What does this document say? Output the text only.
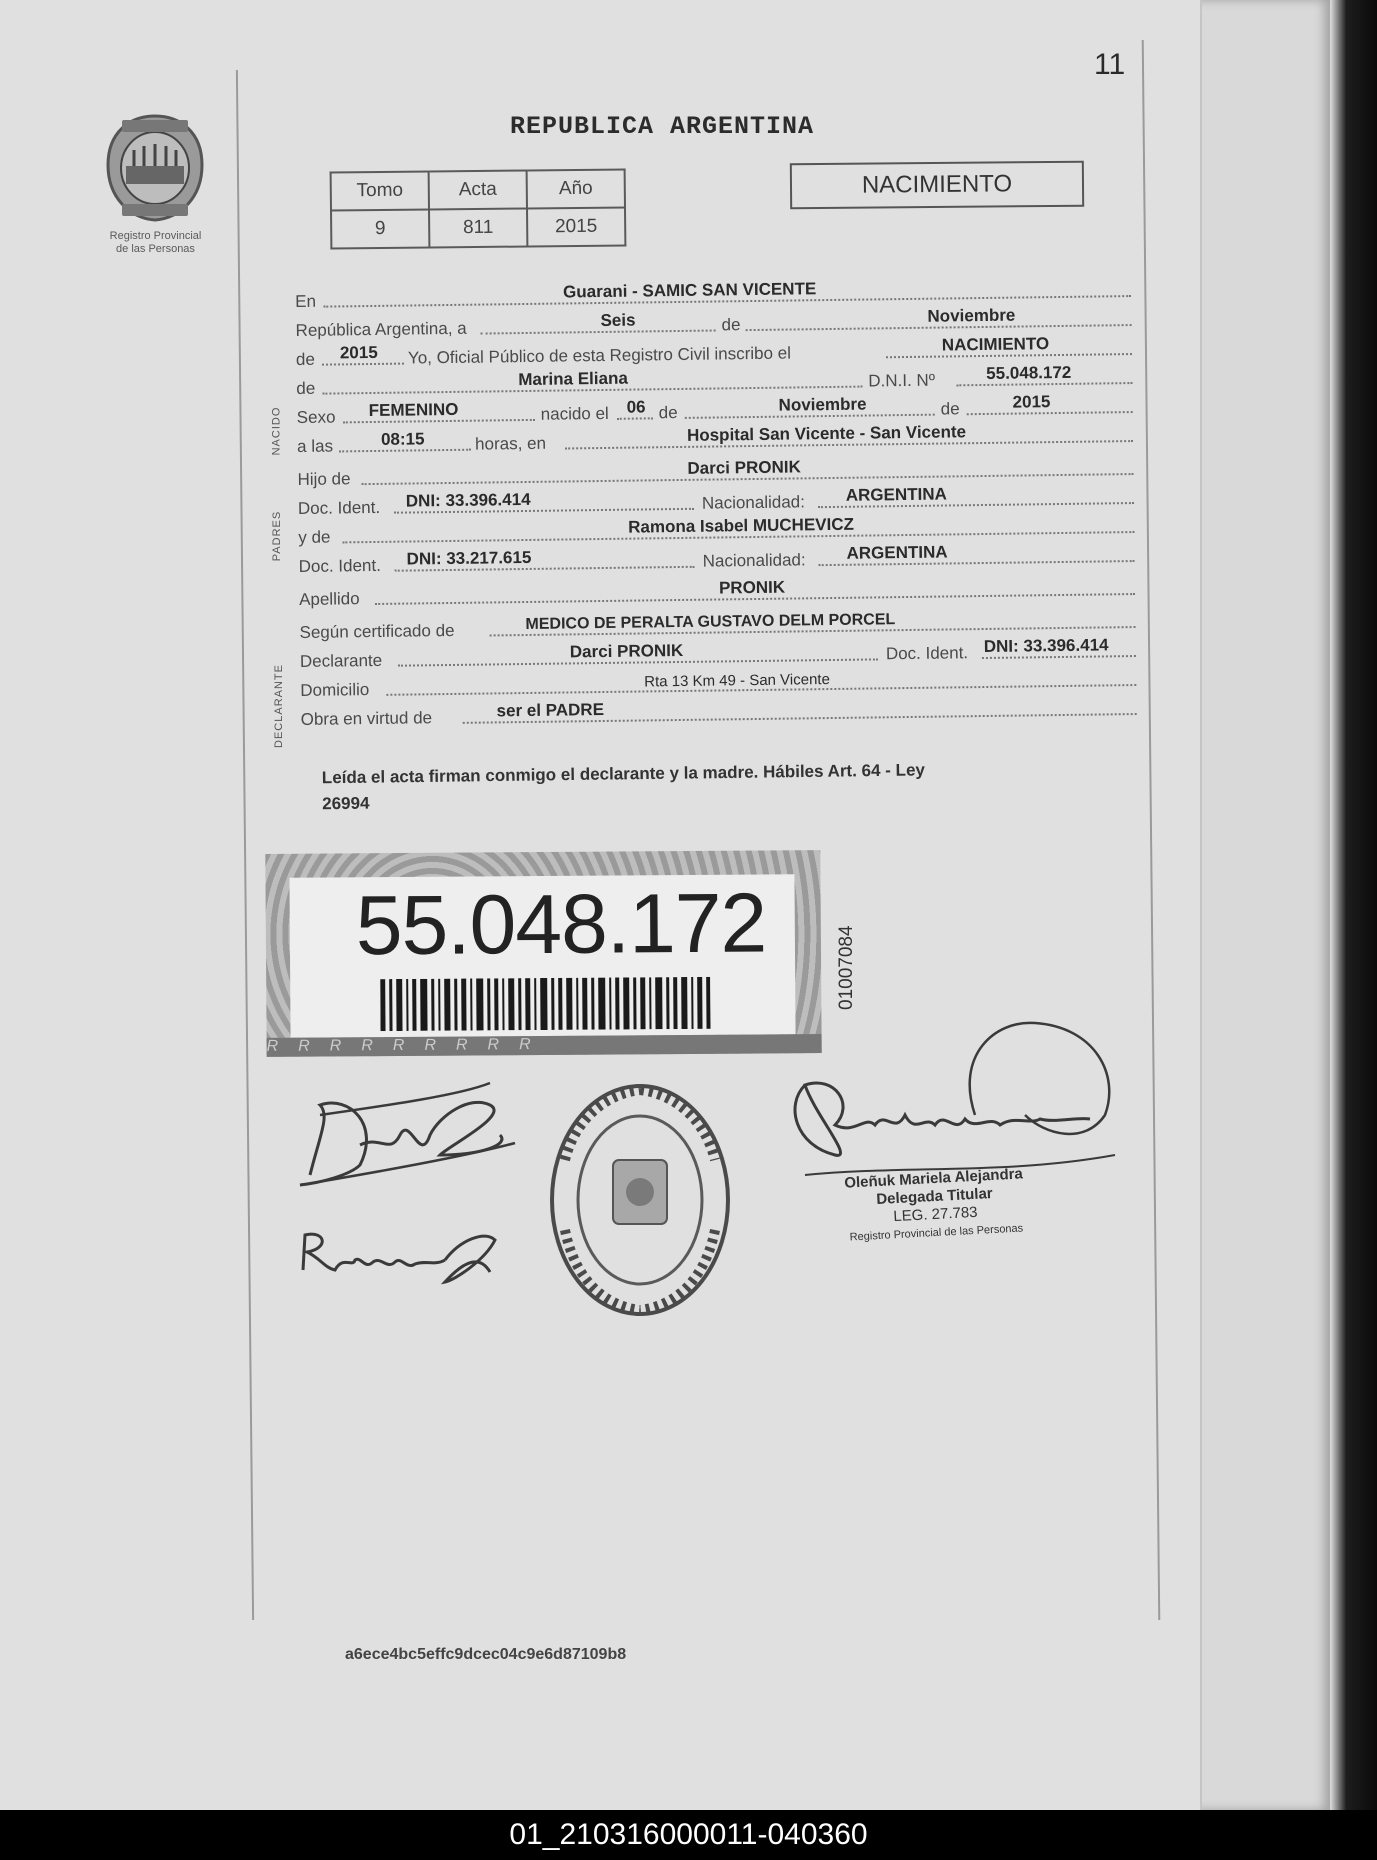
11
Registro Provincial
de las Personas
REPUBLICA ARGENTINA
Tomo	Acta	Año
9	811	2015
NACIMIENTO
NACIDO
PADRES
DECLARANTE
En	Guarani - SAMIC SAN VICENTE
República Argentina, a	Seis	de	Noviembre
de 2015 Yo, Oficial Público de esta Registro Civil inscribo el	NACIMIENTO
de	Marina Eliana	D.N.I. Nº	55.048.172
Sexo FEMENINO	nacido el 06 de	Noviembre	de	2015
a las	08:15	horas, en	Hospital San Vicente - San Vicente
Hijo de
Darci PRONIK
Doc. Ident. DNI: 33.396.414	Nacionalidad: ARGENTINA
y de
Ramona Isabel MUCHEVICZ
Doc. Ident. DNI: 33.217.615	Nacionalidad: ARGENTINA
Apellido
PRONIK
Según certificado de	MEDICO DE PERALTA GUSTAVO DELM PORCEL
Declarante	Darci PRONIK	Doc. Ident. DNI: 33.396.414
Domicilio	Rta 13 Km 49 - San Vicente
Obra en virtud de	ser el PADRE
Leída el acta firman conmigo el declarante y la madre. Hábiles Art. 64 - Ley
26994
55.048.172
RRRRRRRRR
01007084
Oleñuk Mariela Alejandra
Delegada Titular
LEG. 27.783
Registro Provincial de las Personas
a6ece4bc5effc9dcec04c9e6d87109b8
01_210316000011-040360
